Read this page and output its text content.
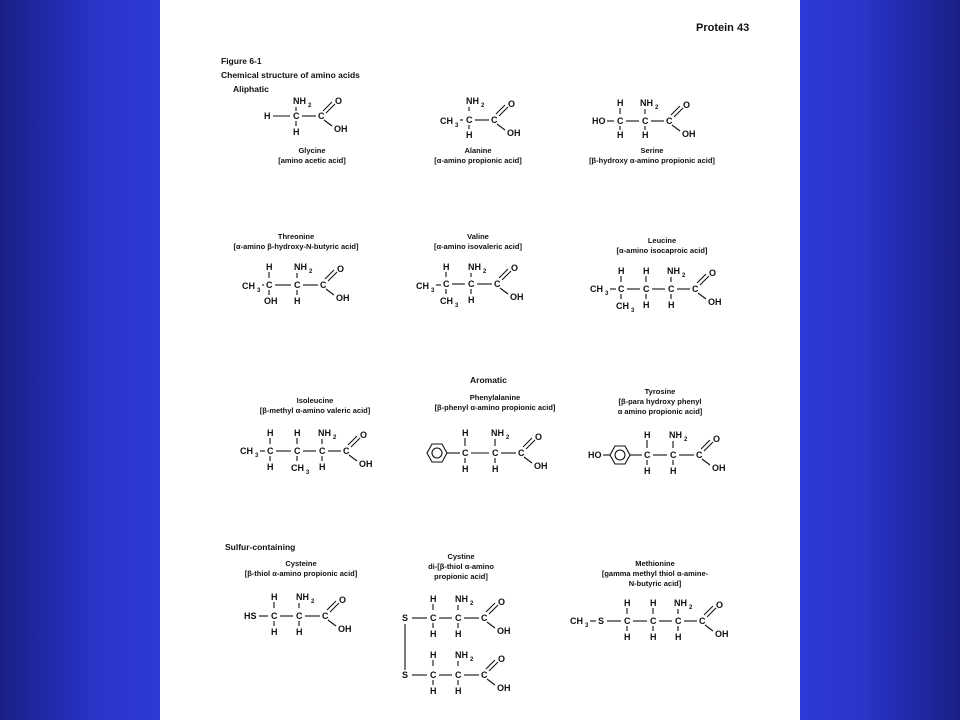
Protein 43

Figure 6-1

Chemical structure of amino acids

Aliphatic

Aromatic

Sulfur-containing

NH 2
H	C
H
C
O
OH

Glycine

[amino acetic acid]

NH 2
CH 3
C
H
C
O
OH

Alanine

[α-amino propionic acid]

H NH 2
HO C C
H H
C
O
OH

Serine

[β-hydroxy α-amino propionic acid]

Threonine

[α-amino β-hydroxy-N-butyric acid]

H NH 2
CH 3
C C
OH H
C
O
OH

Valine

[α-amino isovaleric acid]

H NH 2
CH 3
C C
CH 3
H
C
O
OH

Leucine

[α-amino isocaproic acid]

H H NH 2
CH 3 C C C
CH 3
H H
C
O
OH

Isoleucine

[β-methyl α-amino valeric acid]

H H NH 2
CH 3 C C C
H CH 3
H
C
O
OH

Phenylalanine

[β-phenyl α-amino propionic acid]

H	NH 2
C	C
H	H
C
O
OH

Tyrosine

[β-para hydroxy phenyl

α amino propionic acid]

HO
H NH 2
C C
H H
C
O
OH

Cysteine

[β-thiol α-amino propionic acid]

H NH 2
HS C C
H H
C
O
OH

Cystine

di-[β-thiol α-amino

propionic acid]

H NH 2
S C C
H H
C
O
OH
H NH 2
S C C
H H
C
O
OH

Methionine

[gamma methyl thiol α-amine-

N-butyric acid]

H H NH 2
CH 3 S C C C
H H H
C
O
OH
